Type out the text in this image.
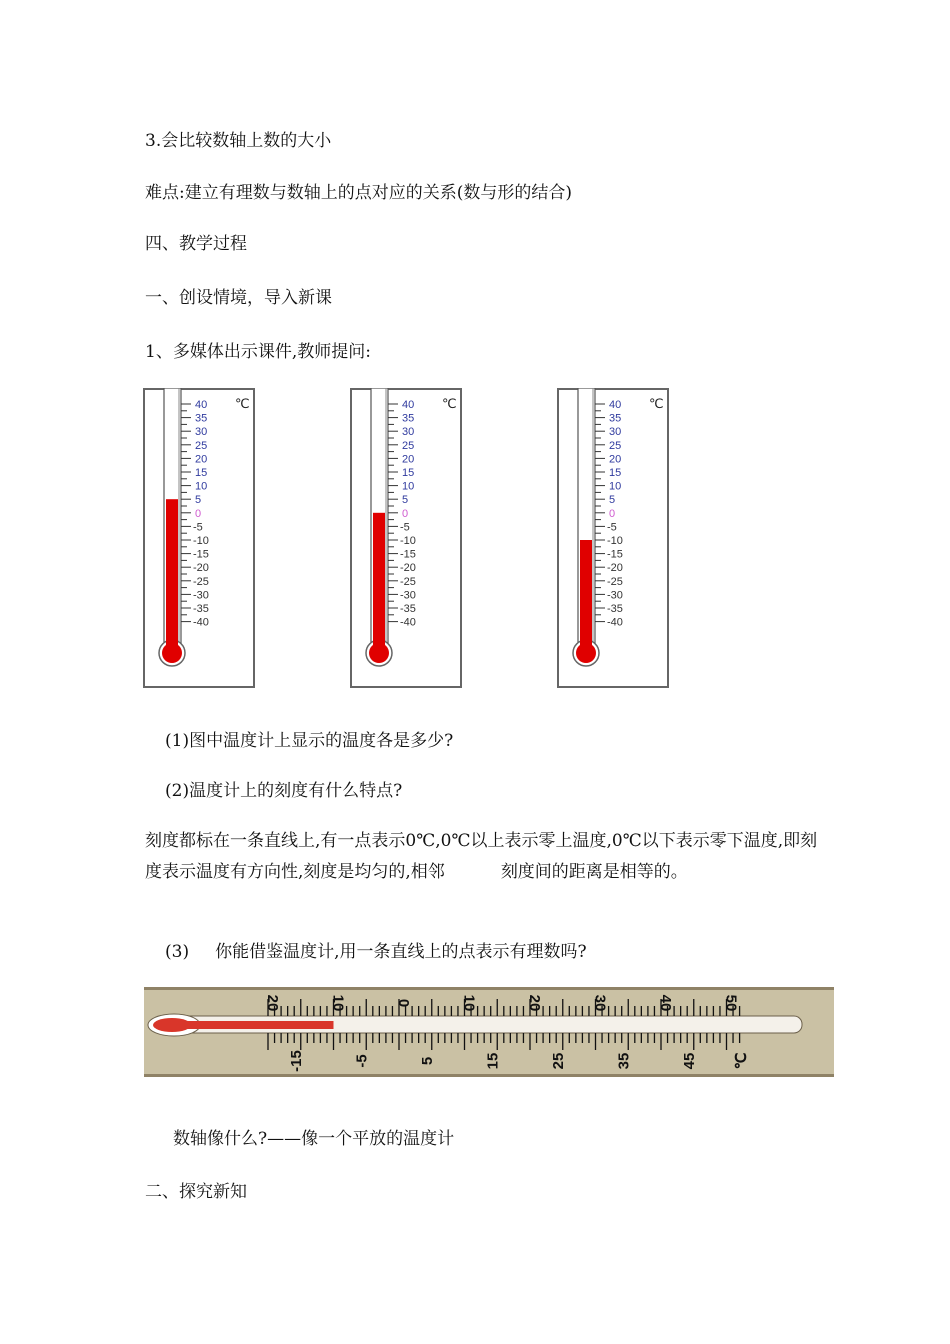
3.会比较数轴上数的大小
难点:建立有理数与数轴上的点对应的关系(数与形的结合)
四、教学过程
一、创设情境，导入新课
1、多媒体出示课件,教师提问:
40
35
30
25
20
15
10
5
0
-5
-10
-15
-20
-25
-30
-35
-40
℃	40
35
30
25
20
15
10
5
0
-5
-10
-15
-20
-25
-30
-35
-40
℃	40
35
30
25
20
15
10
5
0
-5
-10
-15
-20
-25
-30
-35
-40
℃
(1)图中温度计上显示的温度各是多少?
(2)温度计上的刻度有什么特点?
刻度都标在一条直线上,有一点表示0℃,0℃以上表示零上温度,0℃以下表示零下温度,即刻度表示温度有方向性,刻度是均匀的,相邻	刻度间的距离是相等的。
(3) 你能借鉴温度计,用一条直线上的点表示有理数吗?
20	10	0	10	20	30	40	50
-15	-5	5	15	25	35	45 ℃
数轴像什么?——像一个平放的温度计
二、探究新知
